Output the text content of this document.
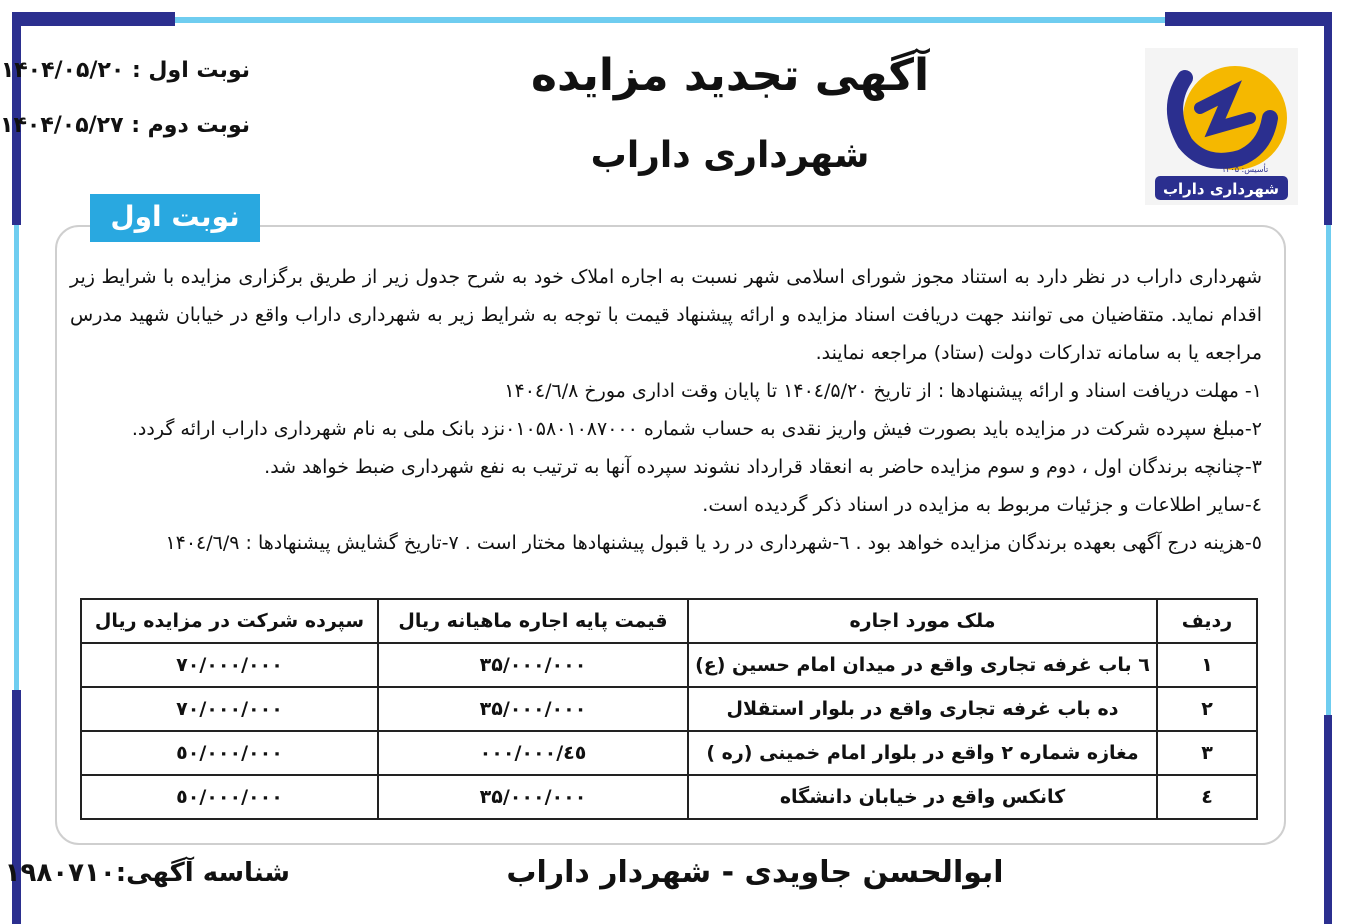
آگهی تجدید مزایده
شهرداری داراب
نوبت اول : ۱۴۰۴/۰۵/۲۰
نوبت دوم : ۱۴۰۴/۰۵/۲۷
شهرداری داراب
تأسیس: ۱۳۰۵
نوبت اول

شهرداری داراب در نظر دارد به استناد مجوز شورای اسلامی شهر نسبت به اجاره املاک خود به شرح جدول زیر از طریق برگزاری مزایده با شرایط زیر اقدام نماید. متقاضیان می توانند جهت دریافت اسناد مزایده و ارائه پیشنهاد قیمت با توجه به شرایط زیر به شهرداری داراب واقع در خیابان شهید مدرس مراجعه یا به سامانه تدارکات دولت (ستاد) مراجعه نمایند.

۱- مهلت دریافت اسناد و ارائه پیشنهادها : از تاریخ ۱۴۰٤/۵/۲۰ تا پایان وقت اداری مورخ ۱۴۰٤/٦/۸

۲-مبلغ سپرده شرکت در مزایده باید بصورت فیش واریز نقدی به حساب شماره ۰۱۰۵۸۰۱۰۸۷۰۰۰نزد بانک ملی به نام شهرداری داراب ارائه گردد.

۳-چنانچه برندگان اول ، دوم و سوم مزایده حاضر به انعقاد قرارداد نشوند سپرده آنها به ترتیب به نفع شهرداری ضبط خواهد شد.

٤-سایر اطلاعات و جزئیات مربوط به مزایده در اسناد ذکر گردیده است.

٥-هزینه درج آگهی بعهده برندگان مزایده خواهد بود . ٦-شهرداری در رد یا قبول پیشنهادها مختار است . ۷-تاریخ گشایش پیشنهادها : ۱۴۰٤/٦/۹

ردیف	ملک مورد اجاره	قیمت پایه اجاره ماهیانه ریال	سپرده شرکت در مزایده ریال
۱	٦ باب غرفه تجاری واقع در میدان امام حسین (ع)	۳۵/۰۰۰/۰۰۰	۷۰/۰۰۰/۰۰۰
۲	ده باب غرفه تجاری واقع در بلوار استقلال	۳۵/۰۰۰/۰۰۰	۷۰/۰۰۰/۰۰۰
۳	مغازه شماره ۲ واقع در بلوار امام خمینی (ره )	٤٥/۰۰۰/۰۰۰	٥۰/۰۰۰/۰۰۰
٤	کانکس واقع در خیابان دانشگاه	۳۵/۰۰۰/۰۰۰	٥۰/۰۰۰/۰۰۰
ابوالحسن جاویدی - شهردار داراب
شناسه آگهی:۱۹۸۰۷۱۰
